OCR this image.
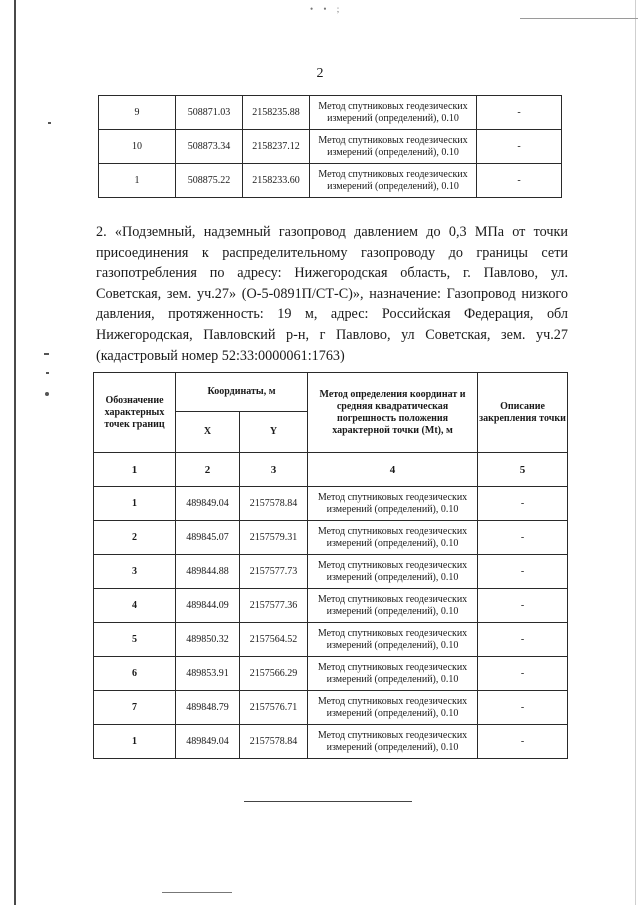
• • ;
2
9	508871.03	2158235.88	Метод спутниковых геодезических измерений (определений), 0.10	-
10	508873.34	2158237.12	Метод спутниковых геодезических измерений (определений), 0.10	-
1	508875.22	2158233.60	Метод спутниковых геодезических измерений (определений), 0.10	-
2. «Подземный, надземный газопровод давлением до 0,3 МПа от точки присоединения к распределительному газопроводу до границы сети газопотребления по адресу: Нижегородская область, г. Павлово, ул. Советская, зем. уч.27» (О-5-0891П/СТ-С)», назначение: Газопровод низкого давления, протяженность: 19 м, адрес: Российская Федерация, обл Нижегородская, Павловский р-н, г Павлово, ул Советская, зем. уч.27 (кадастровый номер 52:33:0000061:1763)
Обозначение характерных точек границ	Координаты, м		Метод определения координат и средняя квадратическая погрешность положения характерной точки (Mt), м	Описание закрепления точки
	X	Y		
1	2	3	4	5
1	489849.04	2157578.84	Метод спутниковых геодезических измерений (определений), 0.10	-
2	489845.07	2157579.31	Метод спутниковых геодезических измерений (определений), 0.10	-
3	489844.88	2157577.73	Метод спутниковых геодезических измерений (определений), 0.10	-
4	489844.09	2157577.36	Метод спутниковых геодезических измерений (определений), 0.10	-
5	489850.32	2157564.52	Метод спутниковых геодезических измерений (определений), 0.10	-
6	489853.91	2157566.29	Метод спутниковых геодезических измерений (определений), 0.10	-
7	489848.79	2157576.71	Метод спутниковых геодезических измерений (определений), 0.10	-
1	489849.04	2157578.84	Метод спутниковых геодезических измерений (определений), 0.10	-
